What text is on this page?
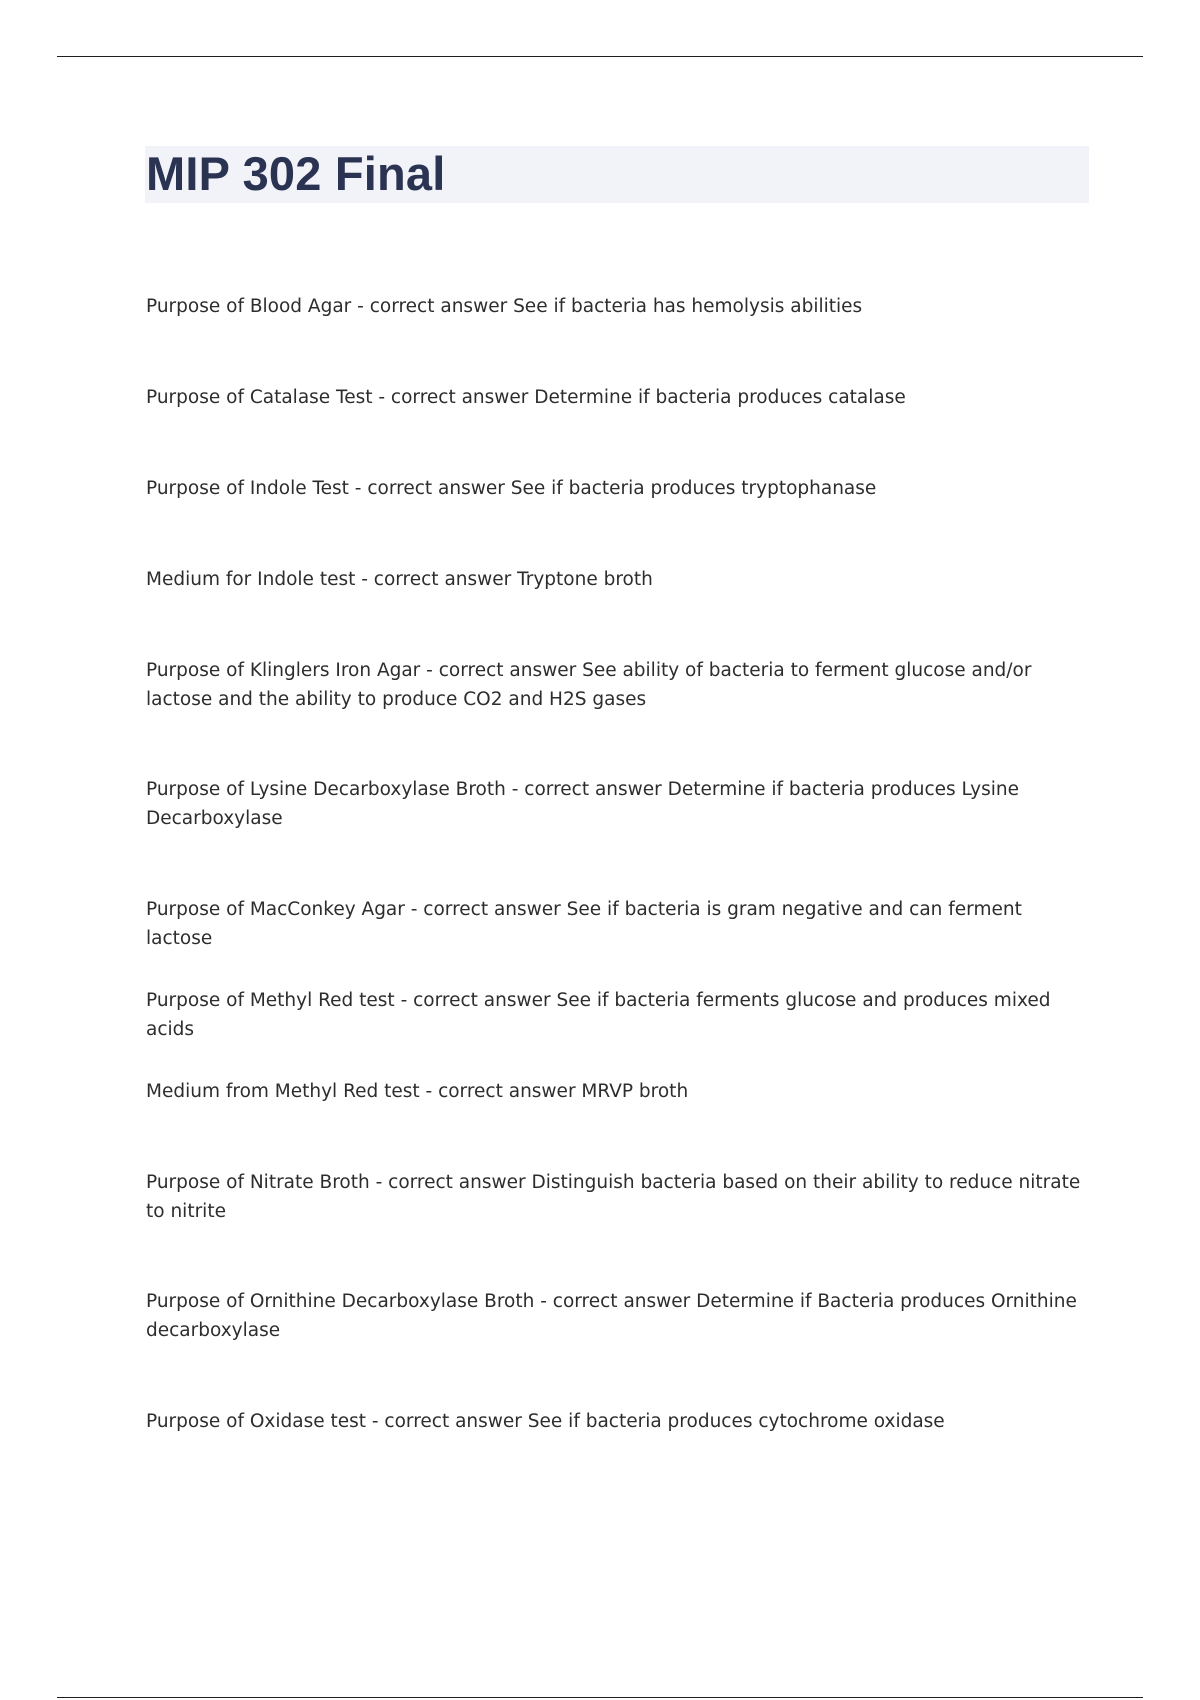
MIP 302 Final

Purpose of Blood Agar - correct answer See if bacteria has hemolysis abilities

Purpose of Catalase Test - correct answer Determine if bacteria produces catalase

Purpose of Indole Test - correct answer See if bacteria produces tryptophanase

Medium for Indole test - correct answer Tryptone broth

Purpose of Klinglers Iron Agar - correct answer See ability of bacteria to ferment glucose and/or lactose and the ability to produce CO2 and H2S gases

Purpose of Lysine Decarboxylase Broth - correct answer Determine if bacteria produces Lysine Decarboxylase

Purpose of MacConkey Agar - correct answer See if bacteria is gram negative and can ferment lactose

Purpose of Methyl Red test - correct answer See if bacteria ferments glucose and produces mixed acids

Medium from Methyl Red test - correct answer MRVP broth

Purpose of Nitrate Broth - correct answer Distinguish bacteria based on their ability to reduce nitrate to nitrite

Purpose of Ornithine Decarboxylase Broth - correct answer Determine if Bacteria produces Ornithine decarboxylase

Purpose of Oxidase test - correct answer See if bacteria produces cytochrome oxidase
